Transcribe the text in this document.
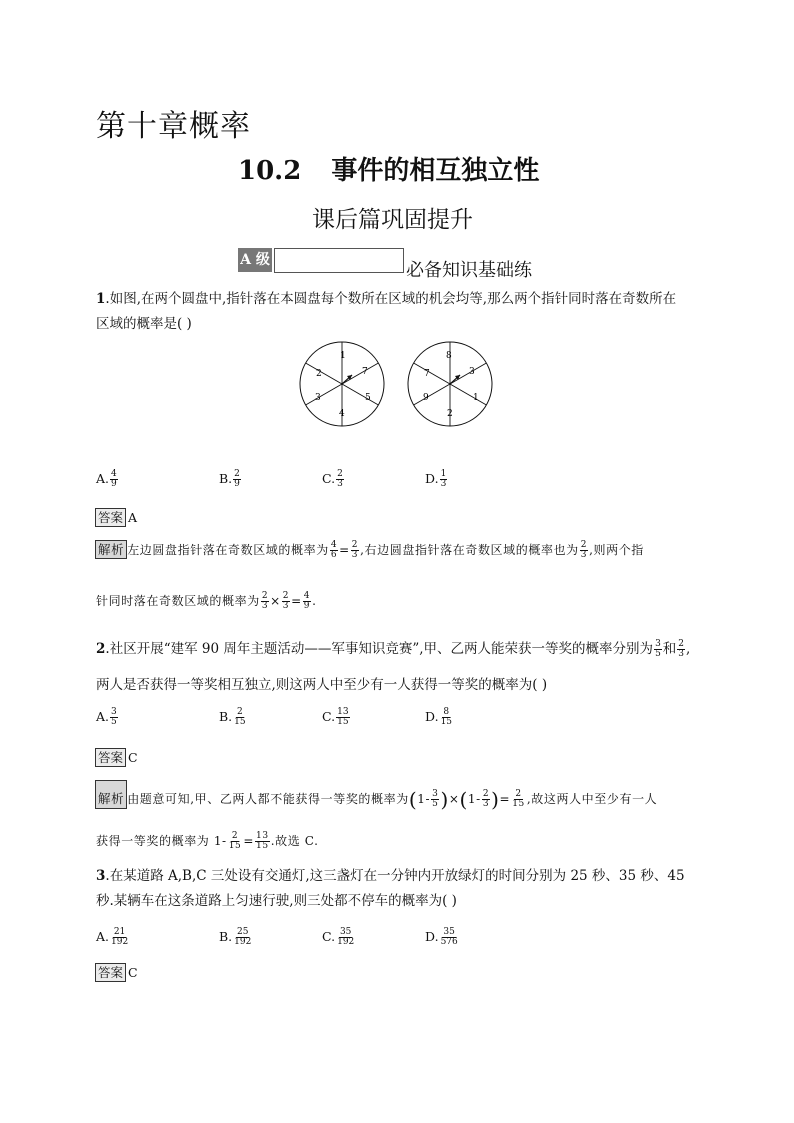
第十章概率
10.2 事件的相互独立性
课后篇巩固提升
A 级	必备知识基础练
1.如图,在两个圆盘中,指针落在本圆盘每个数所在区域的机会均等,那么两个指针同时落在奇数所在
区域的概率是( )
1
7
5
4
3
2
8
3
1
2
9
7
A. $\frac{4}{9}$	B. $\frac{2}{9}$	C. $\frac{2}{3}$	D. $\frac{1}{3}$
答案 A
解析 左边圆盘指针落在奇数区域的概率为 $\frac{4}{6} = \frac{2}{3}$ ,右边圆盘指针落在奇数区域的概率也为 $\frac{2}{3}$ ,则两个指
针同时落在奇数区域的概率为 $\frac{2}{3} \times \frac{2}{3} = \frac{4}{9}$ .
2.社区开展“建军 90 周年主题活动——军事知识竞赛”,甲、乙两人能荣获一等奖的概率分别为 $\frac{3}{5}$ 和 $\frac{2}{3}$ ,
两人是否获得一等奖相互独立,则这两人中至少有一人获得一等奖的概率为( )
A. $\frac{3}{5}$	B. $\frac{2}{15}$	C. $\frac{13}{15}$	D. $\frac{8}{15}$
答案 C
解析 由题意可知,甲、乙两人都不能获得一等奖的概率为$(1- \frac{3}{5} )\times(1- \frac{2}{3}$ )= $\frac{2}{15}$ ,故这两人中至少有一人
获得一等奖的概率为 $1- \frac{2}{15} = \frac{13}{15}$ .故选 C.
3.在某道路 A,B,C 三处设有交通灯,这三盏灯在一分钟内开放绿灯的时间分别为 25 秒、35 秒、45
秒.某辆车在这条道路上匀速行驶,则三处都不停车的概率为( )
A. $\frac{21}{192}$	B. $\frac{25}{192}$	C. $\frac{35}{192}$	D. $\frac{35}{576}$
答案 C
